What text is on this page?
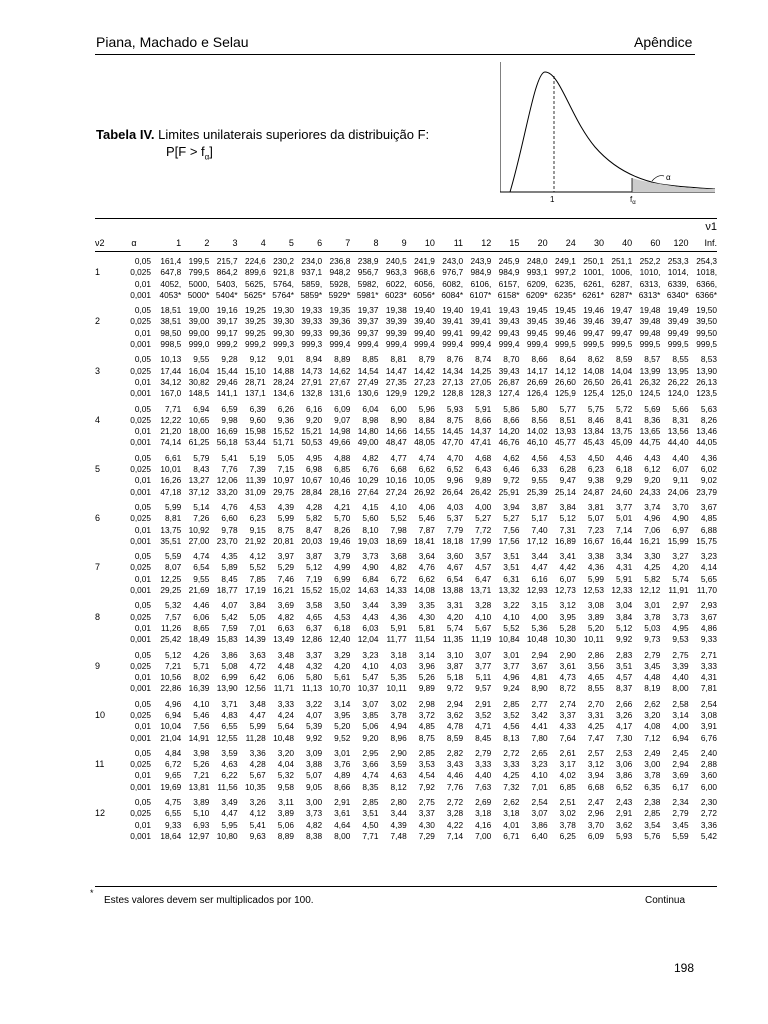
Piana, Machado e Selau	Apêndice
Tabela IV. Limites unilaterais superiores da distribuição F:
$P[F > f_\alpha]$
1	$f_\alpha$
α
		ν1																			
ν2	α	1	2	3	4	5	6	7	8	9	10	11	12	15	20	24	30	40	60	120	Inf.
	0,05	161,4	199,5	215,7	224,6	230,2	234,0	236,8	238,9	240,5	241,9	243,0	243,9	245,9	248,0	249,1	250,1	251,1	252,2	253,3	254,3
1	0,025	647,8	799,5	864,2	899,6	921,8	937,1	948,2	956,7	963,3	968,6	976,7	984,9	984,9	993,1	997,2	1001,	1006,	1010,	1014,	1018,
	0,01	4052,	5000,	5403,	5625,	5764,	5859,	5928,	5982,	6022,	6056,	6082,	6106,	6157,	6209,	6235,	6261,	6287,	6313,	6339,	6366,
	0,001	4053*	5000*	5404*	5625*	5764*	5859*	5929*	5981*	6023*	6056*	6084*	6107*	6158*	6209*	6235*	6261*	6287*	6313*	6340*	6366*
	0,05	18,51	19,00	19,16	19,25	19,30	19,33	19,35	19,37	19,38	19,40	19,40	19,41	19,43	19,45	19,45	19,46	19,47	19,48	19,49	19,50
2	0,025	38,51	39,00	39,17	39,25	39,30	39,33	39,36	39,37	39,39	39,40	39,41	39,41	39,43	39,45	39,46	39,46	39,47	39,48	39,49	39,50
	0,01	98,50	99,00	99,17	99,25	99,30	99,33	99,36	99,37	99,39	99,40	99,41	99,42	99,43	99,45	99,46	99,47	99,47	99,48	99,49	99,50
	0,001	998,5	999,0	999,2	999,2	999,3	999,3	999,4	999,4	999,4	999,4	999,4	999,4	999,4	999,4	999,5	999,5	999,5	999,5	999,5	999,5
	0,05	10,13	9,55	9,28	9,12	9,01	8,94	8,89	8,85	8,81	8,79	8,76	8,74	8,70	8,66	8,64	8,62	8,59	8,57	8,55	8,53
3	0,025	17,44	16,04	15,44	15,10	14,88	14,73	14,62	14,54	14,47	14,42	14,34	14,25	39,43	14,17	14,12	14,08	14,04	13,99	13,95	13,90
	0,01	34,12	30,82	29,46	28,71	28,24	27,91	27,67	27,49	27,35	27,23	27,13	27,05	26,87	26,69	26,60	26,50	26,41	26,32	26,22	26,13
	0,001	167,0	148,5	141,1	137,1	134,6	132,8	131,6	130,6	129,9	129,2	128,8	128,3	127,4	126,4	125,9	125,4	125,0	124,5	124,0	123,5
	0,05	7,71	6,94	6,59	6,39	6,26	6,16	6,09	6,04	6,00	5,96	5,93	5,91	5,86	5,80	5,77	5,75	5,72	5,69	5,66	5,63
4	0,025	12,22	10,65	9,98	9,60	9,36	9,20	9,07	8,98	8,90	8,84	8,75	8,66	8,66	8,56	8,51	8,46	8,41	8,36	8,31	8,26
	0,01	21,20	18,00	16,69	15,98	15,52	15,21	14,98	14,80	14,66	14,55	14,45	14,37	14,20	14,02	13,93	13,84	13,75	13,65	13,56	13,46
	0,001	74,14	61,25	56,18	53,44	51,71	50,53	49,66	49,00	48,47	48,05	47,70	47,41	46,76	46,10	45,77	45,43	45,09	44,75	44,40	44,05
	0,05	6,61	5,79	5,41	5,19	5,05	4,95	4,88	4,82	4,77	4,74	4,70	4,68	4,62	4,56	4,53	4,50	4,46	4,43	4,40	4,36
5	0,025	10,01	8,43	7,76	7,39	7,15	6,98	6,85	6,76	6,68	6,62	6,52	6,43	6,46	6,33	6,28	6,23	6,18	6,12	6,07	6,02
	0,01	16,26	13,27	12,06	11,39	10,97	10,67	10,46	10,29	10,16	10,05	9,96	9,89	9,72	9,55	9,47	9,38	9,29	9,20	9,11	9,02
	0,001	47,18	37,12	33,20	31,09	29,75	28,84	28,16	27,64	27,24	26,92	26,64	26,42	25,91	25,39	25,14	24,87	24,60	24,33	24,06	23,79
	0,05	5,99	5,14	4,76	4,53	4,39	4,28	4,21	4,15	4,10	4,06	4,03	4,00	3,94	3,87	3,84	3,81	3,77	3,74	3,70	3,67
6	0,025	8,81	7,26	6,60	6,23	5,99	5,82	5,70	5,60	5,52	5,46	5,37	5,27	5,27	5,17	5,12	5,07	5,01	4,96	4,90	4,85
	0,01	13,75	10,92	9,78	9,15	8,75	8,47	8,26	8,10	7,98	7,87	7,79	7,72	7,56	7,40	7,31	7,23	7,14	7,06	6,97	6,88
	0,001	35,51	27,00	23,70	21,92	20,81	20,03	19,46	19,03	18,69	18,41	18,18	17,99	17,56	17,12	16,89	16,67	16,44	16,21	15,99	15,75
	0,05	5,59	4,74	4,35	4,12	3,97	3,87	3,79	3,73	3,68	3,64	3,60	3,57	3,51	3,44	3,41	3,38	3,34	3,30	3,27	3,23
7	0,025	8,07	6,54	5,89	5,52	5,29	5,12	4,99	4,90	4,82	4,76	4,67	4,57	3,51	4,47	4,42	4,36	4,31	4,25	4,20	4,14
	0,01	12,25	9,55	8,45	7,85	7,46	7,19	6,99	6,84	6,72	6,62	6,54	6,47	6,31	6,16	6,07	5,99	5,91	5,82	5,74	5,65
	0,001	29,25	21,69	18,77	17,19	16,21	15,52	15,02	14,63	14,33	14,08	13,88	13,71	13,32	12,93	12,73	12,53	12,33	12,12	11,91	11,70
	0,05	5,32	4,46	4,07	3,84	3,69	3,58	3,50	3,44	3,39	3,35	3,31	3,28	3,22	3,15	3,12	3,08	3,04	3,01	2,97	2,93
8	0,025	7,57	6,06	5,42	5,05	4,82	4,65	4,53	4,43	4,36	4,30	4,20	4,10	4,10	4,00	3,95	3,89	3,84	3,78	3,73	3,67
	0,01	11,26	8,65	7,59	7,01	6,63	6,37	6,18	6,03	5,91	5,81	5,74	5,67	5,52	5,36	5,28	5,20	5,12	5,03	4,95	4,86
	0,001	25,42	18,49	15,83	14,39	13,49	12,86	12,40	12,04	11,77	11,54	11,35	11,19	10,84	10,48	10,30	10,11	9,92	9,73	9,53	9,33
	0,05	5,12	4,26	3,86	3,63	3,48	3,37	3,29	3,23	3,18	3,14	3,10	3,07	3,01	2,94	2,90	2,86	2,83	2,79	2,75	2,71
9	0,025	7,21	5,71	5,08	4,72	4,48	4,32	4,20	4,10	4,03	3,96	3,87	3,77	3,77	3,67	3,61	3,56	3,51	3,45	3,39	3,33
	0,01	10,56	8,02	6,99	6,42	6,06	5,80	5,61	5,47	5,35	5,26	5,18	5,11	4,96	4,81	4,73	4,65	4,57	4,48	4,40	4,31
	0,001	22,86	16,39	13,90	12,56	11,71	11,13	10,70	10,37	10,11	9,89	9,72	9,57	9,24	8,90	8,72	8,55	8,37	8,19	8,00	7,81
	0,05	4,96	4,10	3,71	3,48	3,33	3,22	3,14	3,07	3,02	2,98	2,94	2,91	2,85	2,77	2,74	2,70	2,66	2,62	2,58	2,54
10	0,025	6,94	5,46	4,83	4,47	4,24	4,07	3,95	3,85	3,78	3,72	3,62	3,52	3,52	3,42	3,37	3,31	3,26	3,20	3,14	3,08
	0,01	10,04	7,56	6,55	5,99	5,64	5,39	5,20	5,06	4,94	4,85	4,78	4,71	4,56	4,41	4,33	4,25	4,17	4,08	4,00	3,91
	0,001	21,04	14,91	12,55	11,28	10,48	9,92	9,52	9,20	8,96	8,75	8,59	8,45	8,13	7,80	7,64	7,47	7,30	7,12	6,94	6,76
	0,05	4,84	3,98	3,59	3,36	3,20	3,09	3,01	2,95	2,90	2,85	2,82	2,79	2,72	2,65	2,61	2,57	2,53	2,49	2,45	2,40
11	0,025	6,72	5,26	4,63	4,28	4,04	3,88	3,76	3,66	3,59	3,53	3,43	3,33	3,33	3,23	3,17	3,12	3,06	3,00	2,94	2,88
	0,01	9,65	7,21	6,22	5,67	5,32	5,07	4,89	4,74	4,63	4,54	4,46	4,40	4,25	4,10	4,02	3,94	3,86	3,78	3,69	3,60
	0,001	19,69	13,81	11,56	10,35	9,58	9,05	8,66	8,35	8,12	7,92	7,76	7,63	7,32	7,01	6,85	6,68	6,52	6,35	6,17	6,00
	0,05	4,75	3,89	3,49	3,26	3,11	3,00	2,91	2,85	2,80	2,75	2,72	2,69	2,62	2,54	2,51	2,47	2,43	2,38	2,34	2,30
12	0,025	6,55	5,10	4,47	4,12	3,89	3,73	3,61	3,51	3,44	3,37	3,28	3,18	3,18	3,07	3,02	2,96	2,91	2,85	2,79	2,72
	0,01	9,33	6,93	5,95	5,41	5,06	4,82	4,64	4,50	4,39	4,30	4,22	4,16	4,01	3,86	3,78	3,70	3,62	3,54	3,45	3,36
	0,001	18,64	12,97	10,80	9,63	8,89	8,38	8,00	7,71	7,48	7,29	7,14	7,00	6,71	6,40	6,25	6,09	5,93	5,76	5,59	5,42
*
Estes valores devem ser multiplicados por 100.	Continua
198
